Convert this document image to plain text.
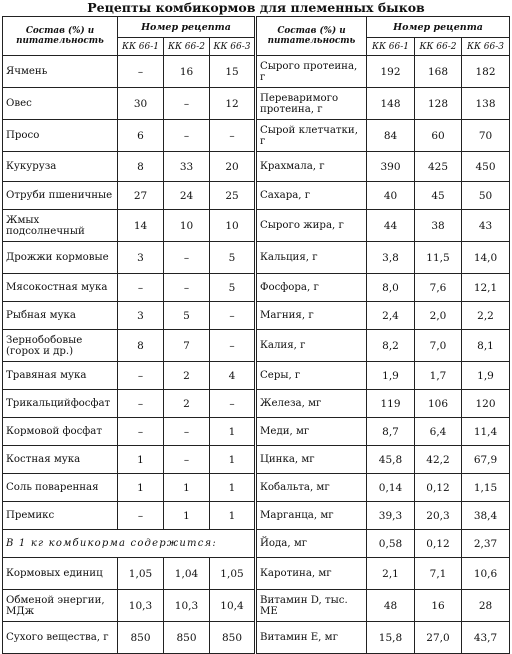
Рецепты комбикормов для племенных быков
Состав (%) и питательность	Номер рецепта			Состав (%) и питательность	Номер рецепта		
	КК 66-1	КК 66-2	КК 66-3		КК 66-1	КК 66-2	КК 66-3
Ячмень	–	16	15	Сырого протеина, г	192	168	182
Овес	30	–	12	Переваримого протеина, г	148	128	138
Просо	6	–	–	Сырой клетчатки, г	84	60	70
Кукуруза	8	33	20	Крахмала, г	390	425	450
Отруби пшеничные	27	24	25	Сахара, г	40	45	50
Жмых подсолнечный	14	10	10	Сырого жира, г	44	38	43
Дрожжи кормовые	3	–	5	Кальция, г	3,8	11,5	14,0
Мясокостная мука	–	–	5	Фосфора, г	8,0	7,6	12,1
Рыбная мука	3	5	–	Магния, г	2,4	2,0	2,2
Зернобобовые (горох и др.)	8	7	–	Калия, г	8,2	7,0	8,1
Травяная мука	–	2	4	Серы, г	1,9	1,7	1,9
Трикальцийфосфат	–	2	–	Железа, мг	119	106	120
Кормовой фосфат	–	–	1	Меди, мг	8,7	6,4	11,4
Костная мука	1	–	1	Цинка, мг	45,8	42,2	67,9
Соль поваренная	1	1	1	Кобальта, мг	0,14	0,12	1,15
Премикс	–	1	1	Марганца, мг	39,3	20,3	38,4
В 1 кг комбикорма содержится:				Йода, мг	0,58	0,12	2,37
Кормовых единиц	1,05	1,04	1,05	Каротина, мг	2,1	7,1	10,6
Обменой энергии, МДж	10,3	10,3	10,4	Витамин D, тыс. ME	48	16	28
Сухого вещества, г	850	850	850	Витамин Е, мг	15,8	27,0	43,7
